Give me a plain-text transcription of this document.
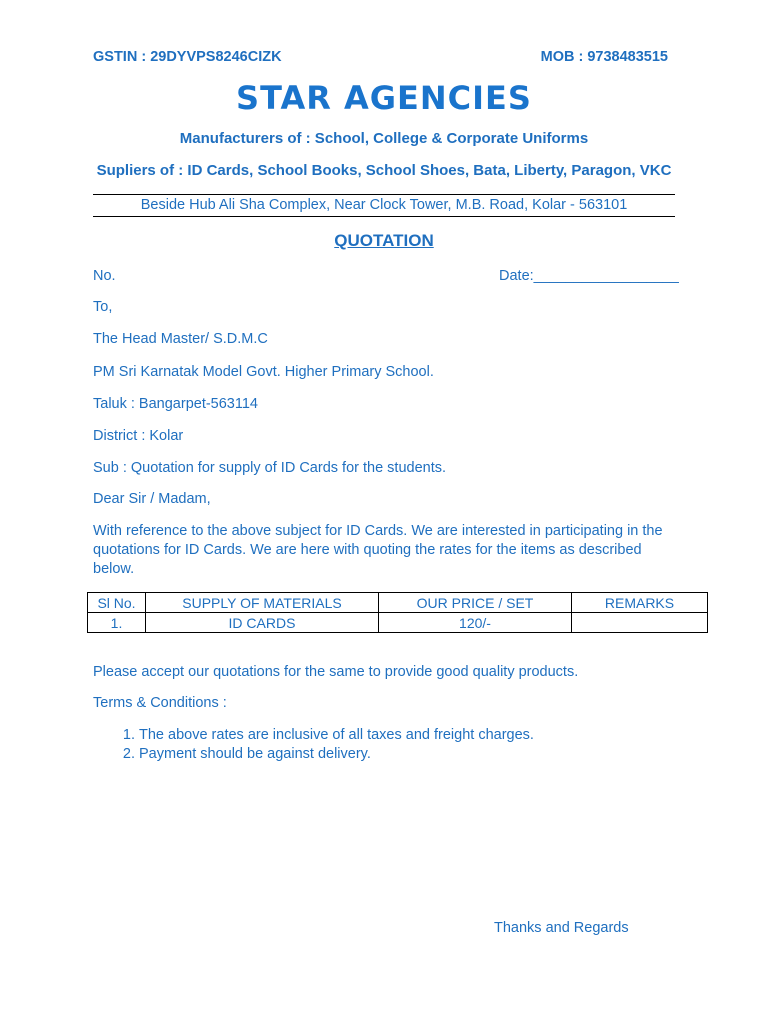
GSTIN : 29DYVPS8246CIZK	MOB : 9738483515
STAR AGENCIES
Manufacturers of : School, College & Corporate Uniforms
Supliers of : ID Cards, School Books, School Shoes, Bata, Liberty, Paragon, VKC
Beside Hub Ali Sha Complex, Near Clock Tower, M.B. Road, Kolar - 563101
QUOTATION
No.	Date:__________________
To,
The Head Master/ S.D.M.C
PM Sri Karnatak Model Govt. Higher Primary School.
Taluk : Bangarpet-563114
District : Kolar
Sub : Quotation for supply of ID Cards for the students.
Dear Sir / Madam,
With reference to the above subject for ID Cards. We are interested in participating in the quotations for ID Cards. We are here with quoting the rates for the items as described below.
Sl No.	SUPPLY OF MATERIALS	OUR PRICE / SET	REMARKS
1.	ID CARDS	120/-	
Please accept our quotations for the same to provide good quality products.
Terms & Conditions :
1. The above rates are inclusive of all taxes and freight charges.
2. Payment should be against delivery.
Thanks and Regards
